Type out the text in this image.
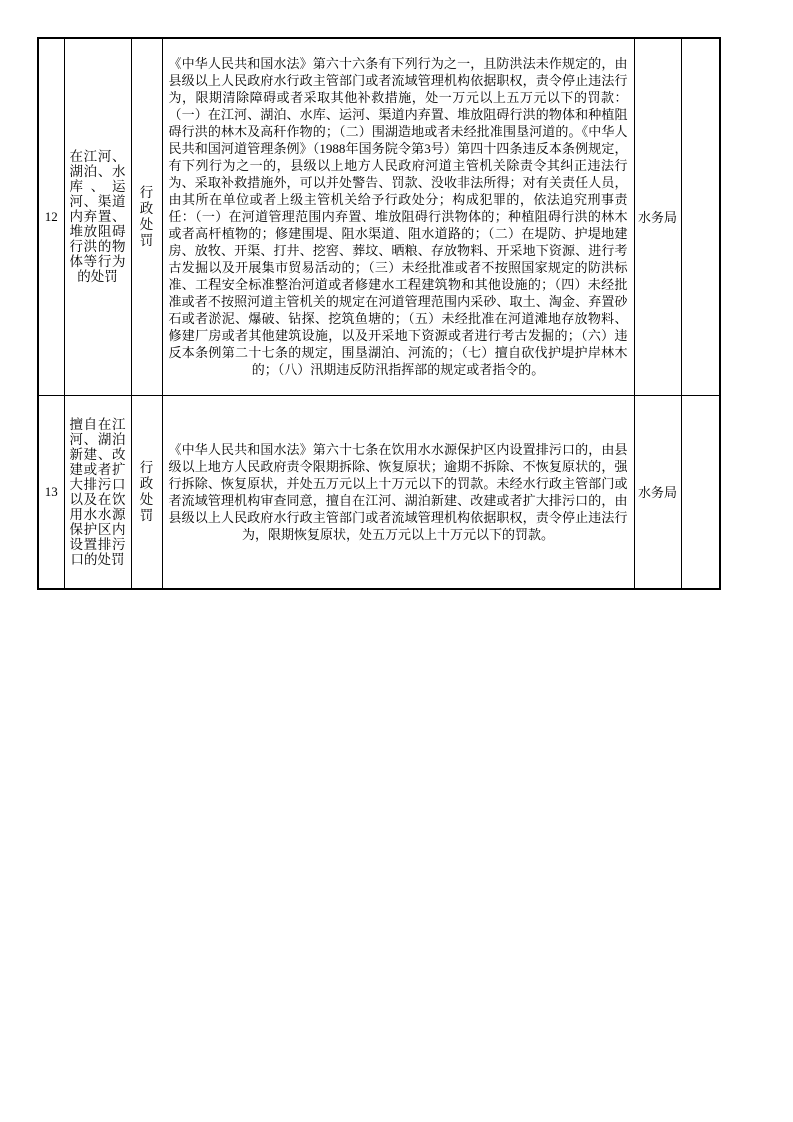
12	在江河、湖泊、水库、运河、渠道内弃置、堆放阻碍行洪的物体等行为的处罚	行政处罚	《中华人民共和国水法》第六十六条有下列行为之一，且防洪法未作规定的，由县级以上人民政府水行政主管部门或者流域管理机构依据职权，责令停止违法行为，限期清除障碍或者采取其他补救措施，处一万元以上五万元以下的罚款：（一）在江河、湖泊、水库、运河、渠道内弃置、堆放阻碍行洪的物体和种植阻碍行洪的林木及高秆作物的；（二）围湖造地或者未经批准围垦河道的。《中华人民共和国河道管理条例》（1988年国务院令第3号）第四十四条违反本条例规定，有下列行为之一的，县级以上地方人民政府河道主管机关除责令其纠正违法行为、采取补救措施外，可以并处警告、罚款、没收非法所得；对有关责任人员，由其所在单位或者上级主管机关给予行政处分；构成犯罪的，依法追究刑事责任：（一）在河道管理范围内弃置、堆放阻碍行洪物体的；种植阻碍行洪的林木或者高杆植物的；修建围堤、阻水渠道、阻水道路的；（二）在堤防、护堤地建房、放牧、开渠、打井、挖窖、葬坟、晒粮、存放物料、开采地下资源、进行考古发掘以及开展集市贸易活动的；（三）未经批准或者不按照国家规定的防洪标准、工程安全标准整治河道或者修建水工程建筑物和其他设施的；（四）未经批准或者不按照河道主管机关的规定在河道管理范围内采砂、取土、淘金、弃置砂石或者淤泥、爆破、钻探、挖筑鱼塘的；（五）未经批准在河道滩地存放物料、修建厂房或者其他建筑设施，以及开采地下资源或者进行考古发掘的；（六）违反本条例第二十七条的规定，围垦湖泊、河流的；（七）擅自砍伐护堤护岸林木的；（八）汛期违反防汛指挥部的规定或者指令的。	水务局	
13	擅自在江河、湖泊新建、改建或者扩大排污口以及在饮用水水源保护区内设置排污口的处罚	行政处罚	《中华人民共和国水法》第六十七条在饮用水水源保护区内设置排污口的，由县级以上地方人民政府责令限期拆除、恢复原状；逾期不拆除、不恢复原状的，强行拆除、恢复原状，并处五万元以上十万元以下的罚款。未经水行政主管部门或者流域管理机构审查同意，擅自在江河、湖泊新建、改建或者扩大排污口的，由县级以上人民政府水行政主管部门或者流域管理机构依据职权，责令停止违法行为，限期恢复原状，处五万元以上十万元以下的罚款。	水务局	
